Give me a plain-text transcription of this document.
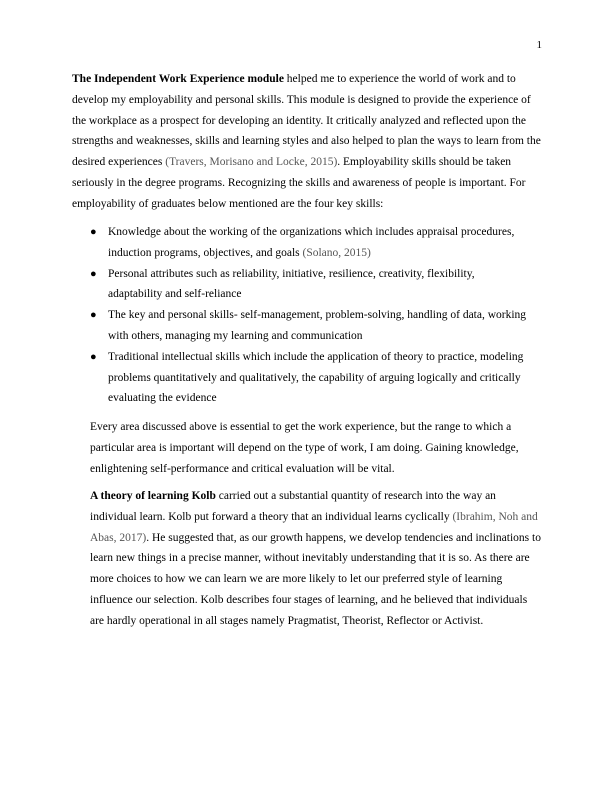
1

The Independent Work Experience module helped me to experience the world of work and to develop my employability and personal skills. This module is designed to provide the experience of the workplace as a prospect for developing an identity. It critically analyzed and reflected upon the strengths and weaknesses, skills and learning styles and also helped to plan the ways to learn from the desired experiences (Travers, Morisano and Locke, 2015). Employability skills should be taken seriously in the degree programs. Recognizing the skills and awareness of people is important. For employability of graduates below mentioned are the four key skills:

● Knowledge about the working of the organizations which includes appraisal procedures, induction programs, objectives, and goals (Solano, 2015)
● Personal attributes such as reliability, initiative, resilience, creativity, flexibility, adaptability and self-reliance
● The key and personal skills- self-management, problem-solving, handling of data, working with others, managing my learning and communication
● Traditional intellectual skills which include the application of theory to practice, modeling problems quantitatively and qualitatively, the capability of arguing logically and critically evaluating the evidence

Every area discussed above is essential to get the work experience, but the range to which a particular area is important will depend on the type of work, I am doing. Gaining knowledge, enlightening self-performance and critical evaluation will be vital.

A theory of learning Kolb carried out a substantial quantity of research into the way an individual learn. Kolb put forward a theory that an individual learns cyclically (Ibrahim, Noh and Abas, 2017). He suggested that, as our growth happens, we develop tendencies and inclinations to learn new things in a precise manner, without inevitably understanding that it is so. As there are more choices to how we can learn we are more likely to let our preferred style of learning influence our selection. Kolb describes four stages of learning, and he believed that individuals are hardly operational in all stages namely Pragmatist, Theorist, Reflector or Activist.
